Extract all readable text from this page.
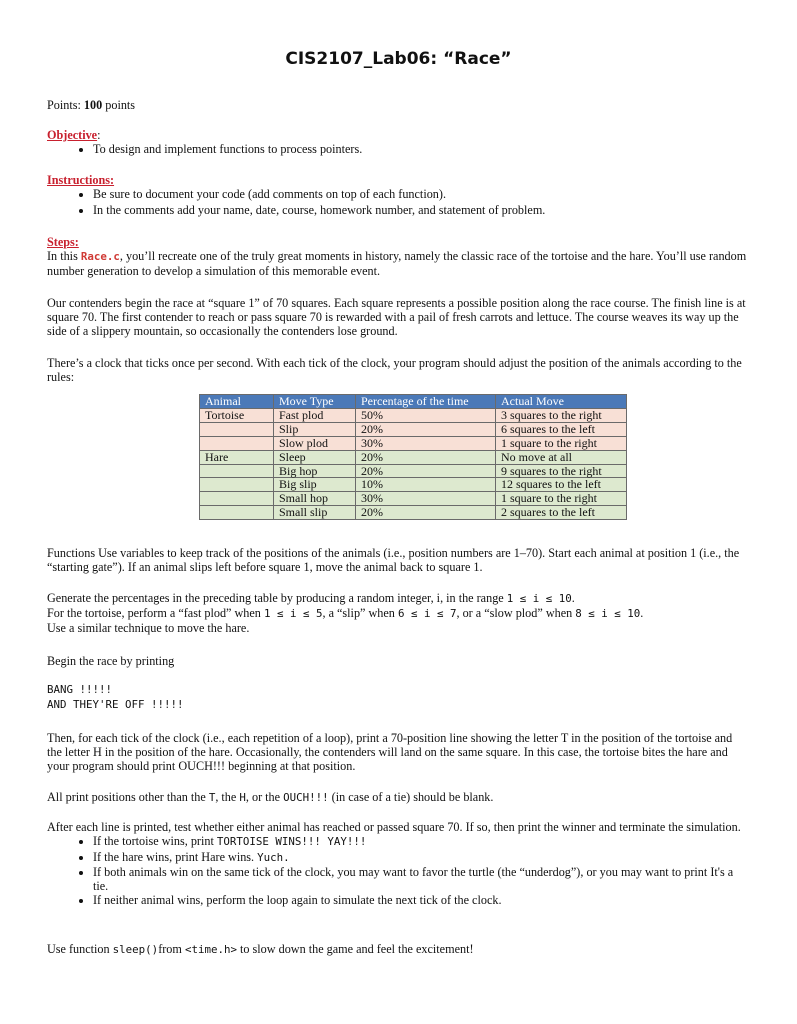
CIS2107_Lab06: “Race”
Points: 100 points
Objective:
• To design and implement functions to process pointers.
Instructions:
• Be sure to document your code (add comments on top of each function).
• In the comments add your name, date, course, homework number, and statement of problem.
Steps:
In this Race.c, you’ll recreate one of the truly great moments in history, namely the classic race of the tortoise and the hare. You’ll use random number generation to develop a simulation of this memorable event.
Our contenders begin the race at “square 1” of 70 squares. Each square represents a possible position along the race course. The finish line is at square 70. The first contender to reach or pass square 70 is rewarded with a pail of fresh carrots and lettuce. The course weaves its way up the side of a slippery mountain, so occasionally the contenders lose ground.
There’s a clock that ticks once per second. With each tick of the clock, your program should adjust the position of the animals according to the rules:
Animal	Move Type	Percentage of the time	Actual Move
Tortoise	Fast plod	50%	3 squares to the right
	Slip	20%	6 squares to the left
	Slow plod	30%	1 square to the right
Hare	Sleep	20%	No move at all
	Big hop	20%	9 squares to the right
	Big slip	10%	12 squares to the left
	Small hop	30%	1 square to the right
	Small slip	20%	2 squares to the left
Functions Use variables to keep track of the positions of the animals (i.e., position numbers are 1–70). Start each animal at position 1 (i.e., the “starting gate”). If an animal slips left before square 1, move the animal back to square 1.
Generate the percentages in the preceding table by producing a random integer, i, in the range 1 ≤ i ≤ 10.
For the tortoise, perform a “fast plod” when 1 ≤ i ≤ 5, a “slip” when 6 ≤ i ≤ 7, or a “slow plod” when 8 ≤ i ≤ 10.
Use a similar technique to move the hare.
Begin the race by printing
BANG !!!!!
AND THEY'RE OFF !!!!!
Then, for each tick of the clock (i.e., each repetition of a loop), print a 70-position line showing the letter T in the position of the tortoise and the letter H in the position of the hare. Occasionally, the contenders will land on the same square. In this case, the tortoise bites the hare and your program should print OUCH!!! beginning at that position.
All print positions other than the T, the H, or the OUCH!!! (in case of a tie) should be blank.
After each line is printed, test whether either animal has reached or passed square 70. If so, then print the winner and terminate the simulation.
• If the tortoise wins, print TORTOISE WINS!!! YAY!!!
• If the hare wins, print Hare wins. Yuch.
• If both animals win on the same tick of the clock, you may want to favor the turtle (the “underdog”), or you may want to print It's a tie.
• If neither animal wins, perform the loop again to simulate the next tick of the clock.
Use function sleep()from <time.h> to slow down the game and feel the excitement!
